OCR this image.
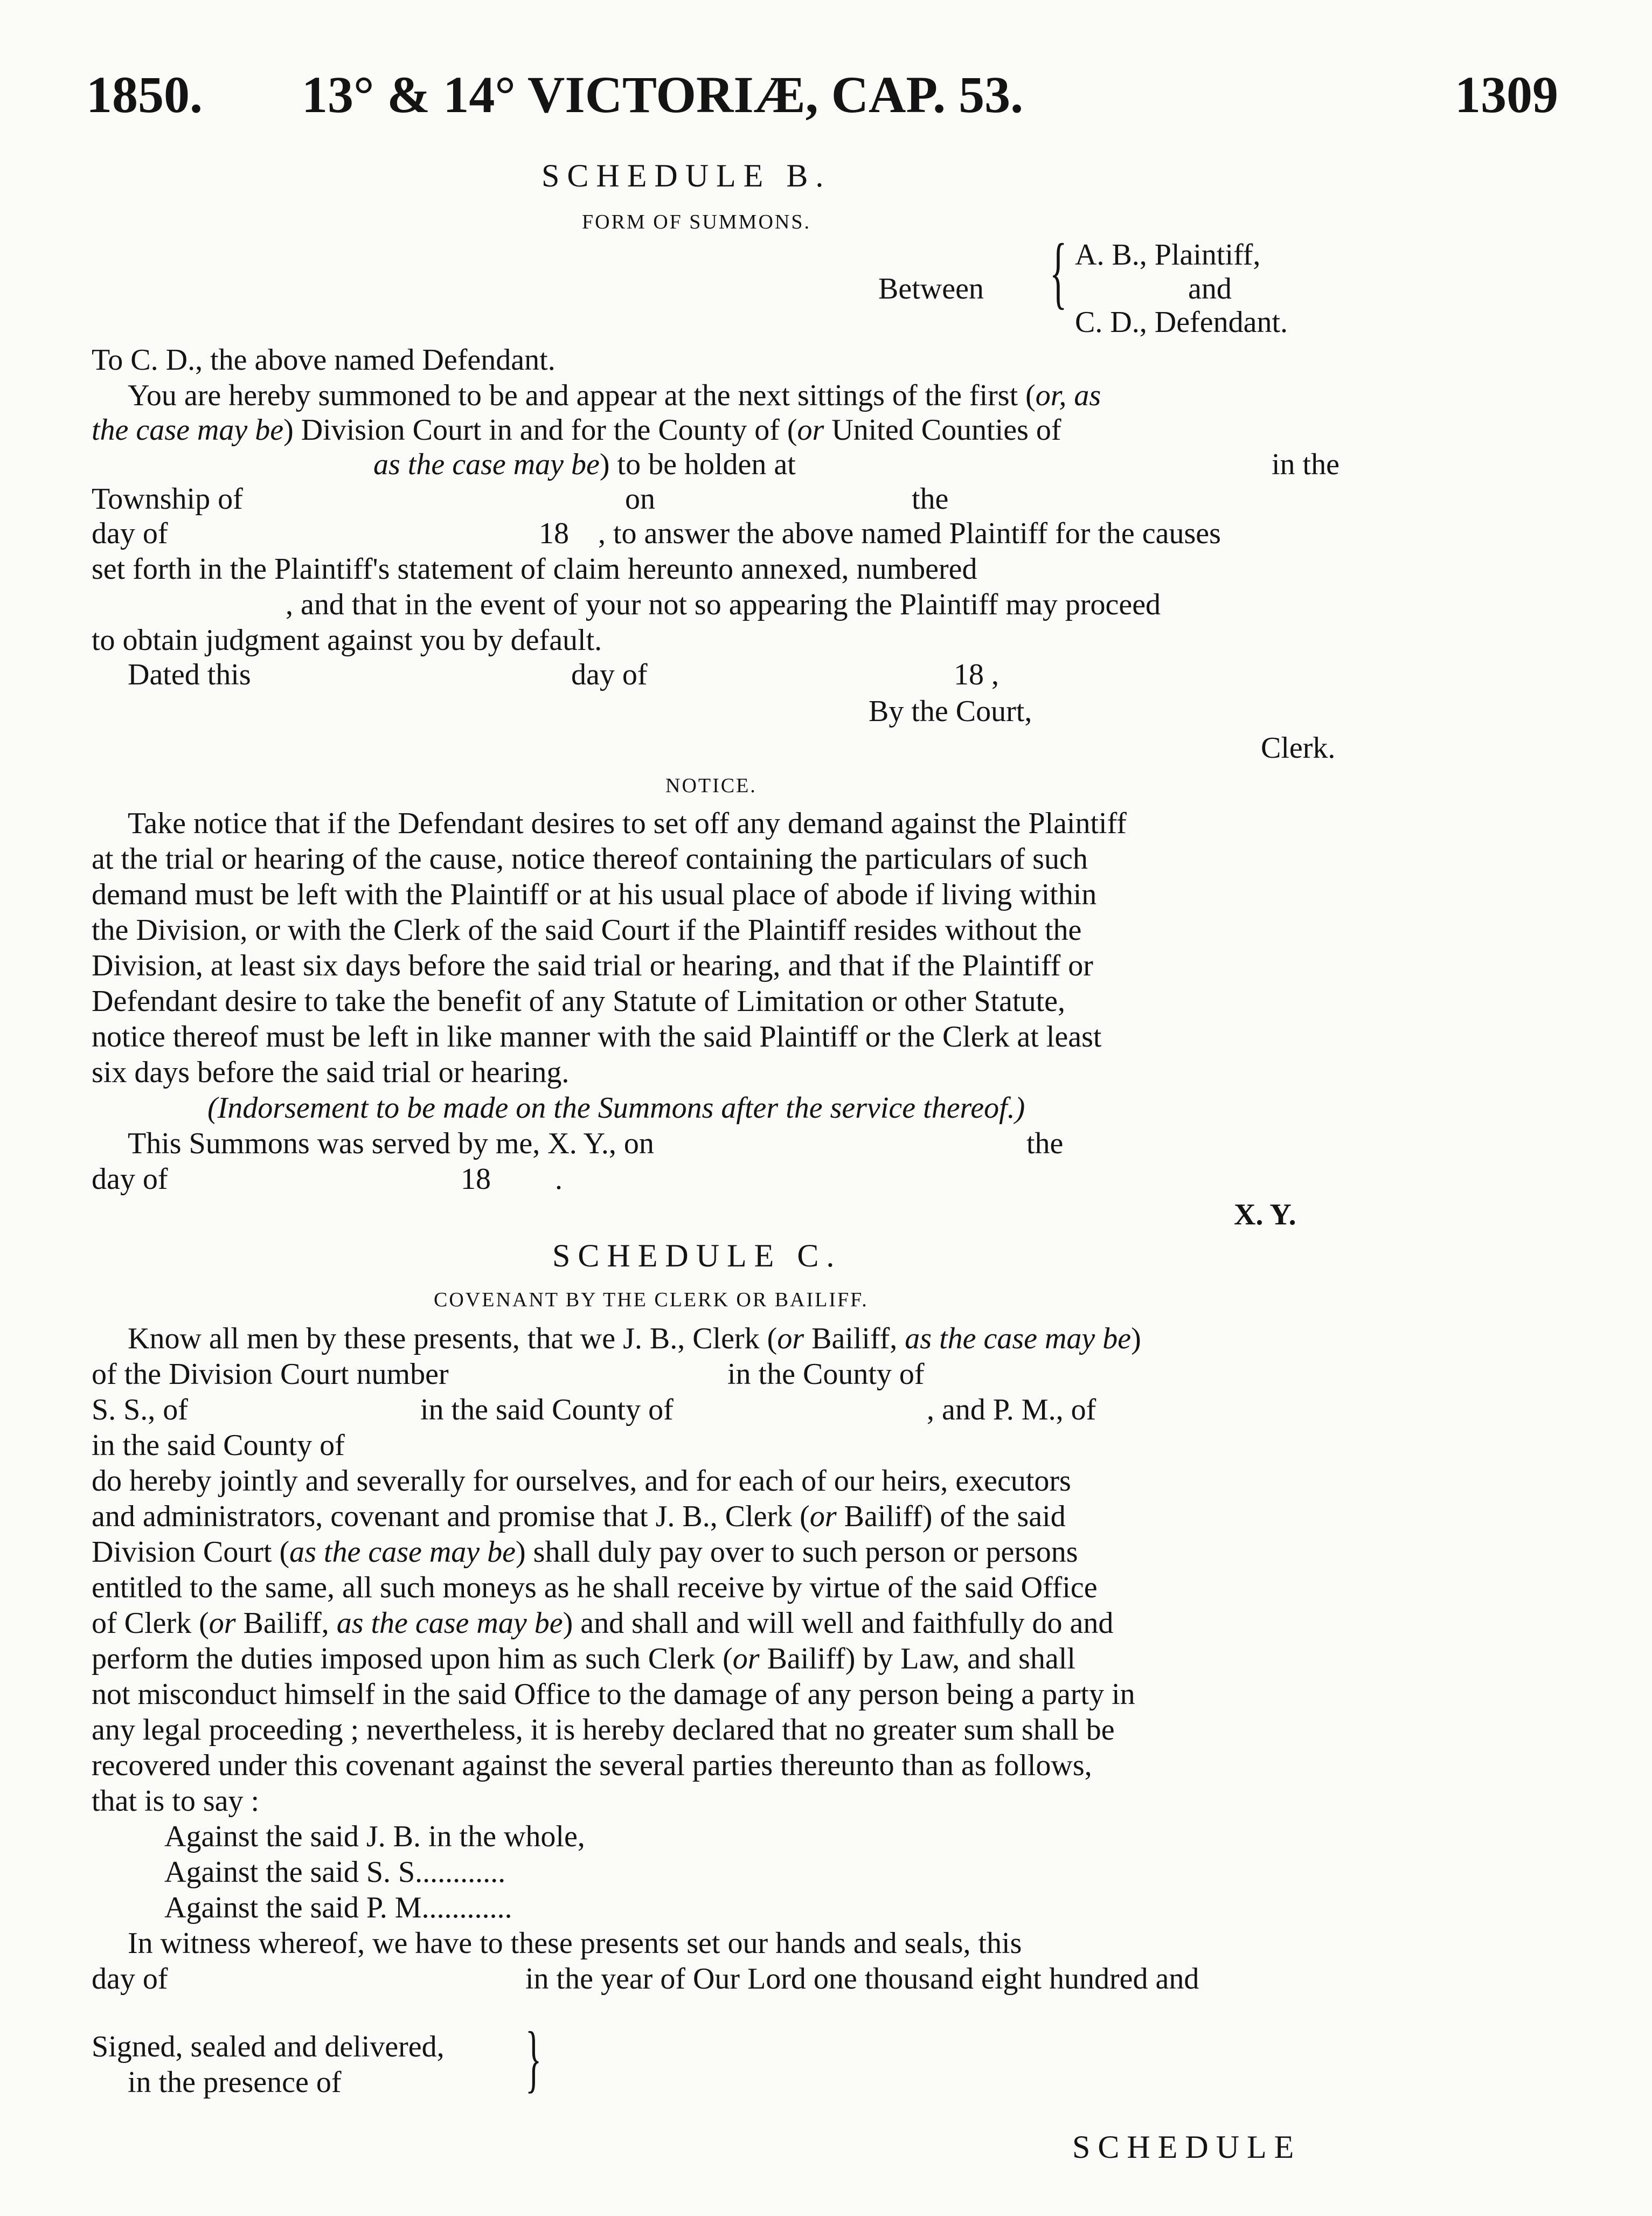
1850. 13° & 14° VICTORIÆ, CAP. 53.	1309
SCHEDULE B.
FORM OF SUMMONS.
Between { A. B., Plaintiff,
and
C. D., Defendant.
To C. D., the above named Defendant.
You are hereby summoned to be and appear at the next sittings of the first (or, as
the case may be) Division Court in and for the County of (or United Counties of
as the case may be) to be holden at	in the
Township of	on	the
day of	18 , to answer the above named Plaintiff for the causes
set forth in the Plaintiff's statement of claim hereunto annexed, numbered
, and that in the event of your not so appearing the Plaintiff may proceed
to obtain judgment against you by default.
Dated this	day of	18 ,
By the Court,
Clerk.
NOTICE.
Take notice that if the Defendant desires to set off any demand against the Plaintiff
at the trial or hearing of the cause, notice thereof containing the particulars of such
demand must be left with the Plaintiff or at his usual place of abode if living within
the Division, or with the Clerk of the said Court if the Plaintiff resides without the
Division, at least six days before the said trial or hearing, and that if the Plaintiff or
Defendant desire to take the benefit of any Statute of Limitation or other Statute,
notice thereof must be left in like manner with the said Plaintiff or the Clerk at least
six days before the said trial or hearing.
(Indorsement to be made on the Summons after the service thereof.)
This Summons was served by me, X. Y., on	the
day of	18 .
X. Y.
SCHEDULE C.
COVENANT BY THE CLERK OR BAILIFF.
Know all men by these presents, that we J. B., Clerk (or Bailiff, as the case may be)
of the Division Court number	in the County of
S. S., of	in the said County of	, and P. M., of
in the said County of
do hereby jointly and severally for ourselves, and for each of our heirs, executors
and administrators, covenant and promise that J. B., Clerk (or Bailiff) of the said
Division Court (as the case may be) shall duly pay over to such person or persons
entitled to the same, all such moneys as he shall receive by virtue of the said Office
of Clerk (or Bailiff, as the case may be) and shall and will well and faithfully do and
perform the duties imposed upon him as such Clerk (or Bailiff) by Law, and shall
not misconduct himself in the said Office to the damage of any person being a party in
any legal proceeding ; nevertheless, it is hereby declared that no greater sum shall be
recovered under this covenant against the several parties thereunto than as follows,
that is to say :
Against the said J. B. in the whole,
Against the said S. S............
Against the said P. M............
In witness whereof, we have to these presents set our hands and seals, this
day of	in the year of Our Lord one thousand eight hundred and
Signed, sealed and delivered,
in the presence of }
SCHEDULE
